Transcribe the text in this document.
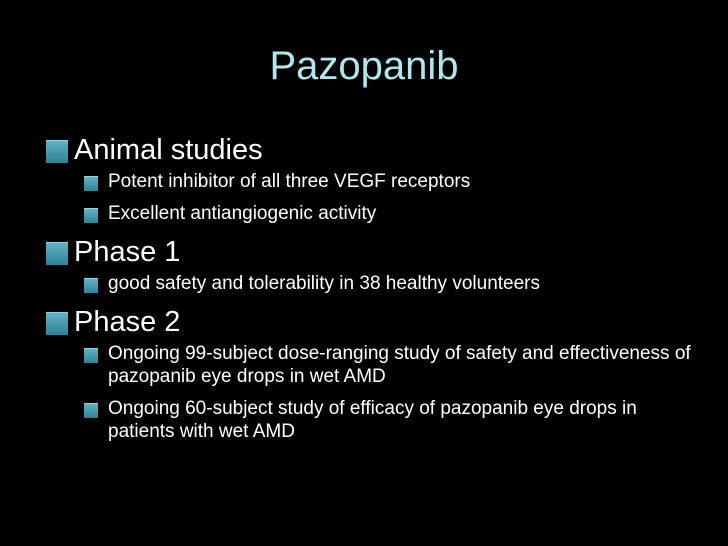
Pazopanib
Animal studies
Potent inhibitor of all three VEGF receptors
Excellent antiangiogenic activity
Phase 1
good safety and tolerability in 38 healthy volunteers
Phase 2
Ongoing 99-subject dose-ranging study of safety and effectiveness of pazopanib eye drops in wet AMD
Ongoing 60-subject study of efficacy of pazopanib eye drops in patients with wet AMD
